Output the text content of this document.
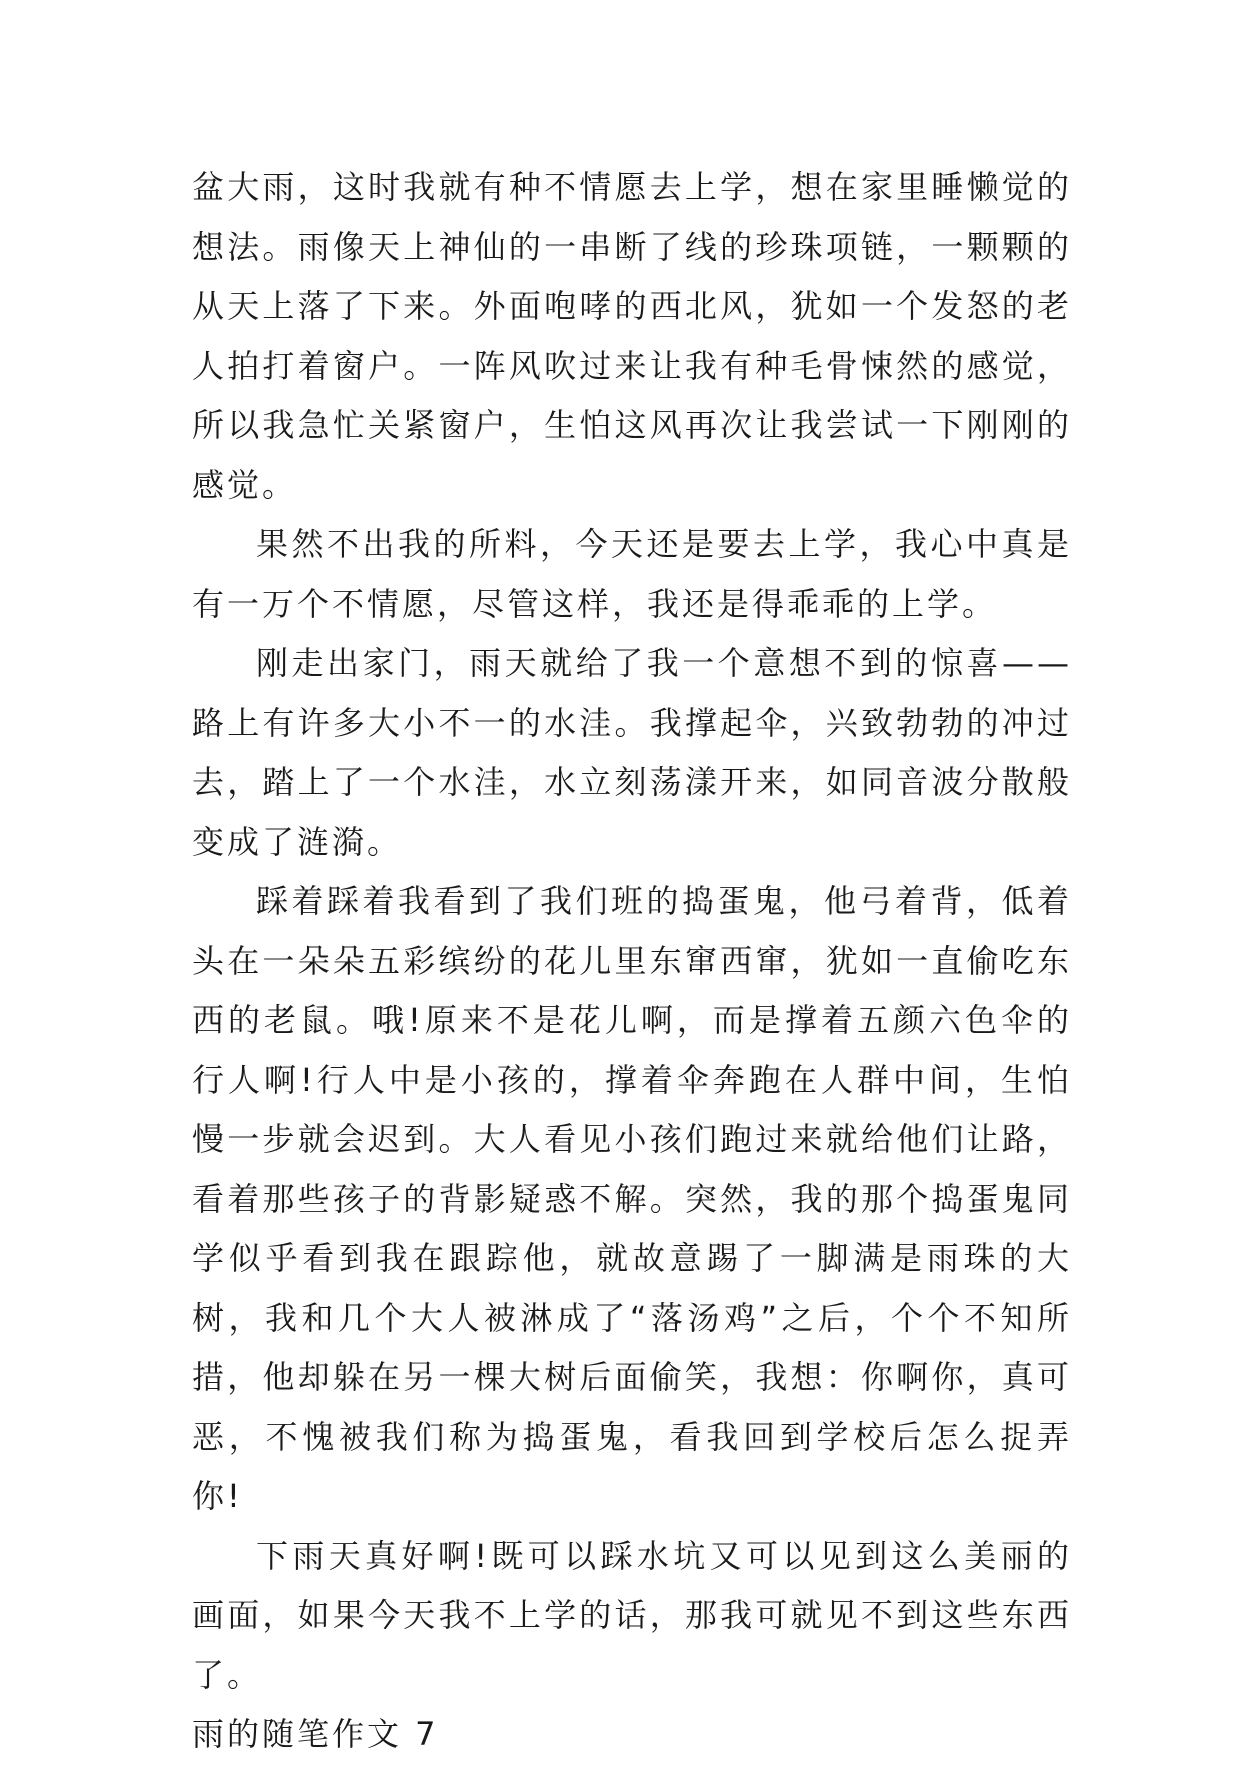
盆大雨，这时我就有种不情愿去上学，想在家里睡懒觉的想法。雨像天上神仙的一串断了线的珍珠项链，一颗颗的从天上落了下来。外面咆哮的西北风，犹如一个发怒的老人拍打着窗户。一阵风吹过来让我有种毛骨悚然的感觉，所以我急忙关紧窗户，生怕这风再次让我尝试一下刚刚的感觉。

果然不出我的所料，今天还是要去上学，我心中真是有一万个不情愿，尽管这样，我还是得乖乖的上学。

刚走出家门，雨天就给了我一个意想不到的惊喜——路上有许多大小不一的水洼。我撑起伞，兴致勃勃的冲过去，踏上了一个水洼，水立刻荡漾开来，如同音波分散般变成了涟漪。

踩着踩着我看到了我们班的捣蛋鬼，他弓着背，低着头在一朵朵五彩缤纷的花儿里东窜西窜，犹如一直偷吃东西的老鼠。哦!原来不是花儿啊，而是撑着五颜六色伞的行人啊!行人中是小孩的，撑着伞奔跑在人群中间，生怕慢一步就会迟到。大人看见小孩们跑过来就给他们让路，看着那些孩子的背影疑惑不解。突然，我的那个捣蛋鬼同学似乎看到我在跟踪他，就故意踢了一脚满是雨珠的大树，我和几个大人被淋成了“落汤鸡”之后，个个不知所措，他却躲在另一棵大树后面偷笑，我想：你啊你，真可恶，不愧被我们称为捣蛋鬼，看我回到学校后怎么捉弄你!

下雨天真好啊!既可以踩水坑又可以见到这么美丽的画面，如果今天我不上学的话，那我可就见不到这些东西了。

雨的随笔作文 7
